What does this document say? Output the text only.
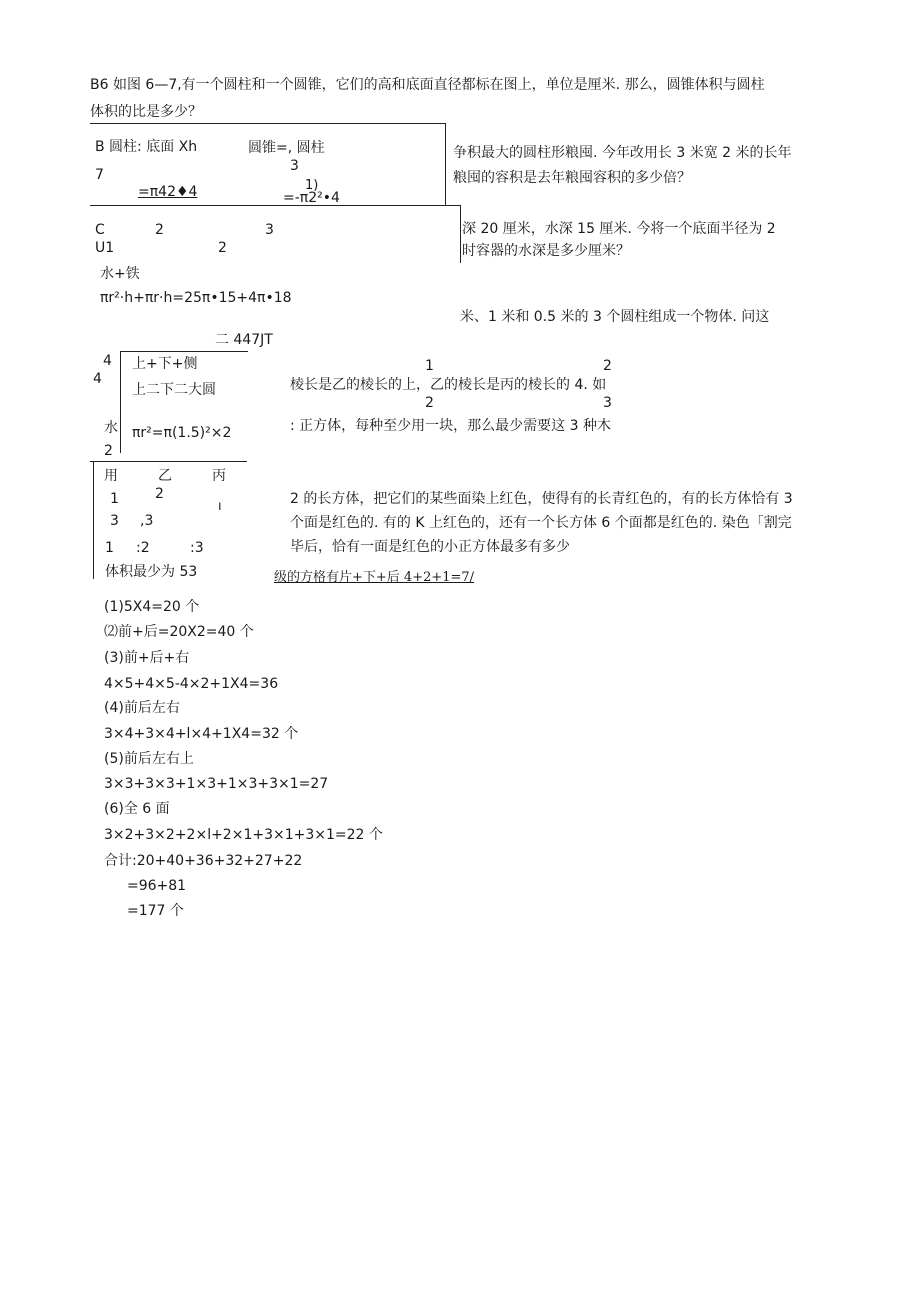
B6 如图 6—7,有一个圆柱和一个圆锥，它们的高和底面直径都标在图上，单位是厘米. 那么，圆锥体积与圆柱
体积的比是多少？
B 圆柱: 底面 Xh	圆锥=, 圆柱
3
7
1)
=π42♦4	=-π2²•4
争积最大的圆柱形粮囤. 今年改用长 3 米宽 2 米的长年
粮囤的容积是去年粮囤容积的多少倍？
深 20 厘米，水深 15 厘米. 今将一个底面半径为 2
时容器的水深是多少厘米？
米、1 米和 0.5 米的 3 个圆柱组成一个物体. 问这
C	2	3
U1	2
水+铁
πr²·h+πr·h=25π•15+4π•18
二 447JT
4
4
上+下+侧
上二下二大圆
水 πr²=π(1.5)²×2
2
1
2
2
3
棱长是乙的棱长的上，乙的棱长是丙的棱长的 4. 如
: 正方体，每种至少用一块，那么最少需要这 3 种木
用	乙	丙
1	2
ı
3 ,3
1 :2	:3
体积最少为 53
2 的长方体，把它们的某些面染上红色，使得有的长青红色的，有的长方体恰有 3
个面是红色的. 有的 K 上红色的，还有一个长方体 6 个面都是红色的. 染色「割完
毕后，恰有一面是红色的小正方体最多有多少
级的方格有片+下+后 4+2+1=7/
(1)5X4=20 个
⑵前+后=20X2=40 个
(3)前+后+右
4×5+4×5-4×2+1X4=36
(4)前后左右
3×4+3×4+l×4+1X4=32 个
(5)前后左右上
3×3+3×3+1×3+1×3+3×1=27
(6)全 6 面
3×2+3×2+2×l+2×1+3×1+3×1=22 个
合计:20+40+36+32+27+22
=96+81
=177 个
